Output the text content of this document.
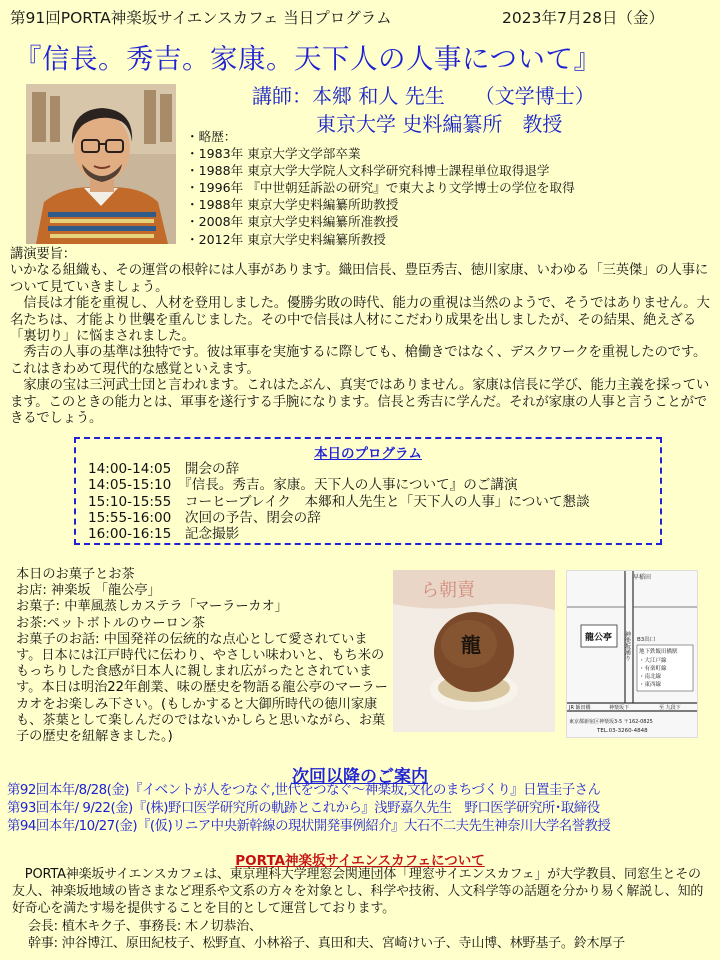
第91回PORTA神楽坂サイエンスカフェ 当日プログラム	2023年7月28日（金）
『信長。秀吉。家康。天下人の人事について』
講師：本郷 和人 先生　　（文学博士）
東京大学 史料編纂所　教授
・ 略歴：
・ 1983年 東京大学文学部卒業
・ 1988年 東京大学大学院人文科学研究科博士課程単位取得退学
・ 1996年 『中世朝廷訴訟の研究』で東大より文学博士の学位を取得
・ 1988年 東京大学史料編纂所助教授
・ 2008年 東京大学史料編纂所准教授
・ 2012年 東京大学史料編纂所教授

講演要旨：

いかなる組織も、その運営の根幹には人事があります。織田信長、豊臣秀吉、徳川家康、いわゆる「三英傑」の人事について見ていきましょう。

　信長は才能を重視し、人材を登用しました。優勝劣敗の時代、能力の重視は当然のようで、そうではありません。大名たちは、才能より世襲を重んじました。その中で信長は人材にこだわり成果を出しましたが、その結果、絶えざる「裏切り」に悩まされました。

　秀吉の人事の基準は独特です。彼は軍事を実施するに際しても、槍働きではなく、デスクワークを重視したのです。これはきわめて現代的な感覚といえます。

　家康の宝は三河武士団と言われます。これはたぶん、真実ではありません。家康は信長に学び、能力主義を採っています。このときの能力とは、軍事を遂行する手腕になります。信長と秀吉に学んだ。それが家康の人事と言うことができるでしょう。

本日のプログラム
14:00-14:05　開会の辞
14:05-15:10　『信長。秀吉。家康。天下人の人事について』のご講演
15:10-15:55　コーヒーブレイク　本郷和人先生と「天下人の人事」について懇談
15:55-16:00　次回の予告、閉会の辞
16:00-16:15　記念撮影
本日のお菓子とお茶
お店: 神楽坂 「龍公亭」
お菓子: 中華風蒸しカステラ「マーラーカオ」
お茶:ペットボトルのウーロン茶
お菓子のお話: 中国発祥の伝統的な点心として愛されています。日本には江戸時代に伝わり、やさしい味わいと、もち米のもっちりした食感が日本人に親しまれ広がったとされています。本日は明治22年創業、味の歴史を物語る龍公亭のマーラーカオをお楽しみ下さい。(もしかすると大御所時代の徳川家康も、茶葉として楽しんだのではないかしらと思いながら、お菓子の歴史を紐解きました。)
ら朝賣
龍
早稲田
神楽坂通り
龍公亭	B3出口
地下鉄飯田橋駅
・大江戸線
・有楽町線
・南北線
・東西線
JR 飯田橋	神楽坂下	至 九段下
東京都新宿区神楽坂3-5 〒162-0825
TEL.03-3260-4848
次回以降のご案内
第92回本年/8/28(金)『イベントが人をつなぐ,世代をつなぐ～神楽坂,文化のまちづくり』日置圭子さん
第93回本年/ 9/22(金)『(株)野口医学研究所の軌跡とこれから』浅野嘉久先生　野口医学研究所･取締役
第94回本年/10/27(金)『(仮)リニア中央新幹線の現状開発事例紹介』大石不二夫先生神奈川大学名誉教授
PORTA神楽坂サイエンスカフェについて

　PORTA神楽坂サイエンスカフェは、東京理科大学理窓会関連団体「理窓サイエンスカフェ」が大学教員、同窓生とその友人、神楽坂地域の皆さまなど理系や文系の方々を対象とし、科学や技術、人文科学等の話題を分かり易く解説し、知的好奇心を満たす場を提供することを目的として運営しております。

会長: 植木キク子、事務長: 木ノ切恭治、

幹事: 沖谷博江、原田紀枝子、松野直、小林裕子、真田和夫、宮崎けい子、寺山博、林野基子。鈴木厚子
